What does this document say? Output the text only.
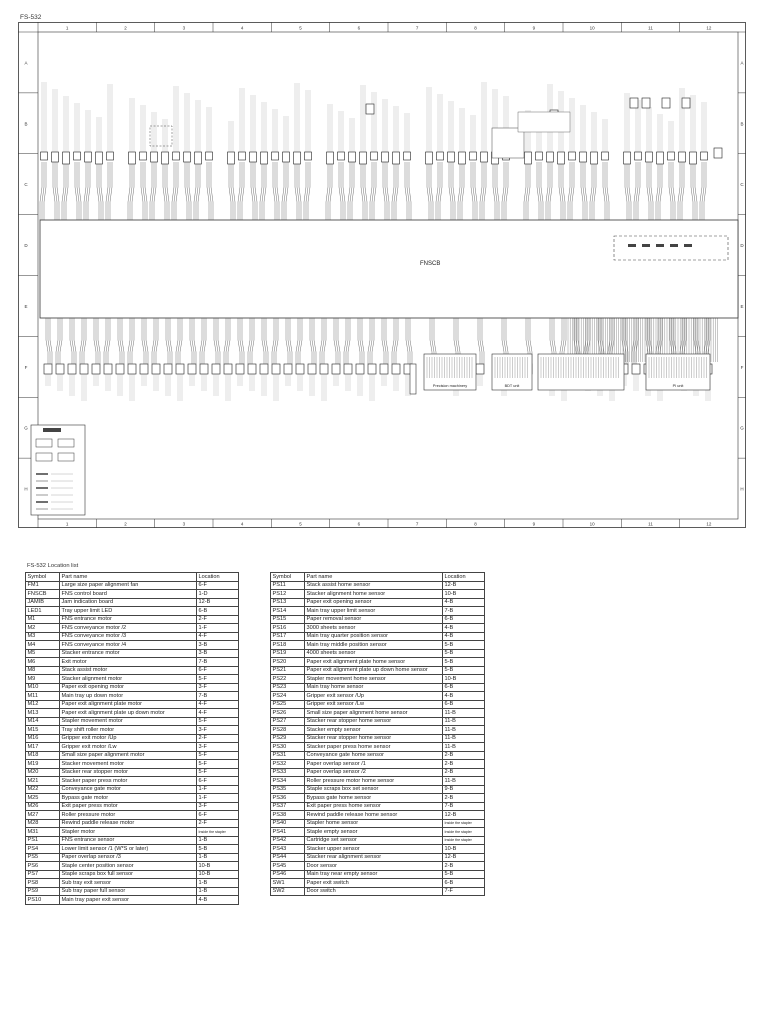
FS-532
1
1
2
2
3
3
4
4
5
5
6
6
7
7
8
8
9
9
10
10
11
11
12
12
A	A
B	B
C	C
D	D
E	E
F	F
G	G
H	H
FNSCB
Precision machinery	BDT unit	PI unit
FS-532 Location list
Symbol	Part name	Location
FM1	Large size paper alignment fan	6-F
FNSCB	FNS control board	1-D
JAMIB	Jam indication board	12-B
LED1	Tray upper limit LED	6-B
M1	FNS entrance motor	2-F
M2	FNS conveyance motor /2	1-F
M3	FNS conveyance motor /3	4-F
M4	FNS conveyance motor /4	3-B
M5	Stacker entrance motor	3-B
M6	Exit motor	7-B
M8	Stack assist motor	6-F
M9	Stacker alignment motor	5-F
M10	Paper exit opening motor	3-F
M11	Main tray up down motor	7-B
M12	Paper exit alignment plate motor	4-F
M13	Paper exit alignment plate up down motor	4-F
M14	Stapler movement motor	5-F
M15	Tray shift roller motor	3-F
M16	Gripper exit motor /Up	2-F
M17	Gripper exit motor /Lw	3-F
M18	Small size paper alignment motor	5-F
M19	Stacker movement motor	5-F
M20	Stacker rear stopper motor	5-F
M21	Stacker paper press motor	6-F
M22	Conveyance gate motor	1-F
M25	Bypass gate motor	1-F
M26	Exit paper press motor	3-F
M27	Roller pressure motor	6-F
M28	Rewind paddle release motor	2-F
M31	Stapler motor	Inside the stapler
PS1	FNS entrance sensor	1-B
PS4	Lower limit sensor /1 (W*S or later)	5-B
PS5	Paper overlap sensor /3	1-B
PS6	Staple center position sensor	10-B
PS7	Staple scraps box full sensor	10-B
PS8	Sub tray exit sensor	1-B
PS9	Sub tray paper full sensor	1-B
PS10	Main tray paper exit sensor	4-B
Symbol	Part name	Location
PS11	Stack assist home sensor	12-B
PS12	Stacker alignment home sensor	10-B
PS13	Paper exit opening sensor	4-B
PS14	Main tray upper limit sensor	7-B
PS15	Paper removal sensor	6-B
PS16	3000 sheets sensor	4-B
PS17	Main tray quarter position sensor	4-B
PS18	Main tray middle position sensor	5-B
PS19	4000 sheets sensor	5-B
PS20	Paper exit alignment plate home sensor	5-B
PS21	Paper exit alignment plate up down home sensor	5-B
PS22	Stapler movement home sensor	10-B
PS23	Main tray home sensor	6-B
PS24	Gripper exit sensor /Up	4-B
PS25	Gripper exit sensor /Lw	6-B
PS26	Small size paper alignment home sensor	11-B
PS27	Stacker rear stopper home sensor	11-B
PS28	Stacker empty sensor	11-B
PS29	Stacker rear stopper home sensor	11-B
PS30	Stacker paper press home sensor	11-B
PS31	Conveyance gate home sensor	2-B
PS32	Paper overlap sensor /1	2-B
PS33	Paper overlap sensor /2	2-B
PS34	Roller pressure motor home sensor	11-B
PS35	Staple scraps box set sensor	9-B
PS36	Bypass gate home sensor	2-B
PS37	Exit paper press home sensor	7-B
PS38	Rewind paddle release home sensor	12-B
PS40	Stapler home sensor	Inside the stapler
PS41	Staple empty sensor	Inside the stapler
PS42	Cartridge set sensor	Inside the stapler
PS43	Stacker upper sensor	10-B
PS44	Stacker rear alignment sensor	12-B
PS45	Door sensor	2-B
PS46	Main tray near empty sensor	5-B
SW1	Paper exit switch	6-B
SW2	Door switch	7-F
